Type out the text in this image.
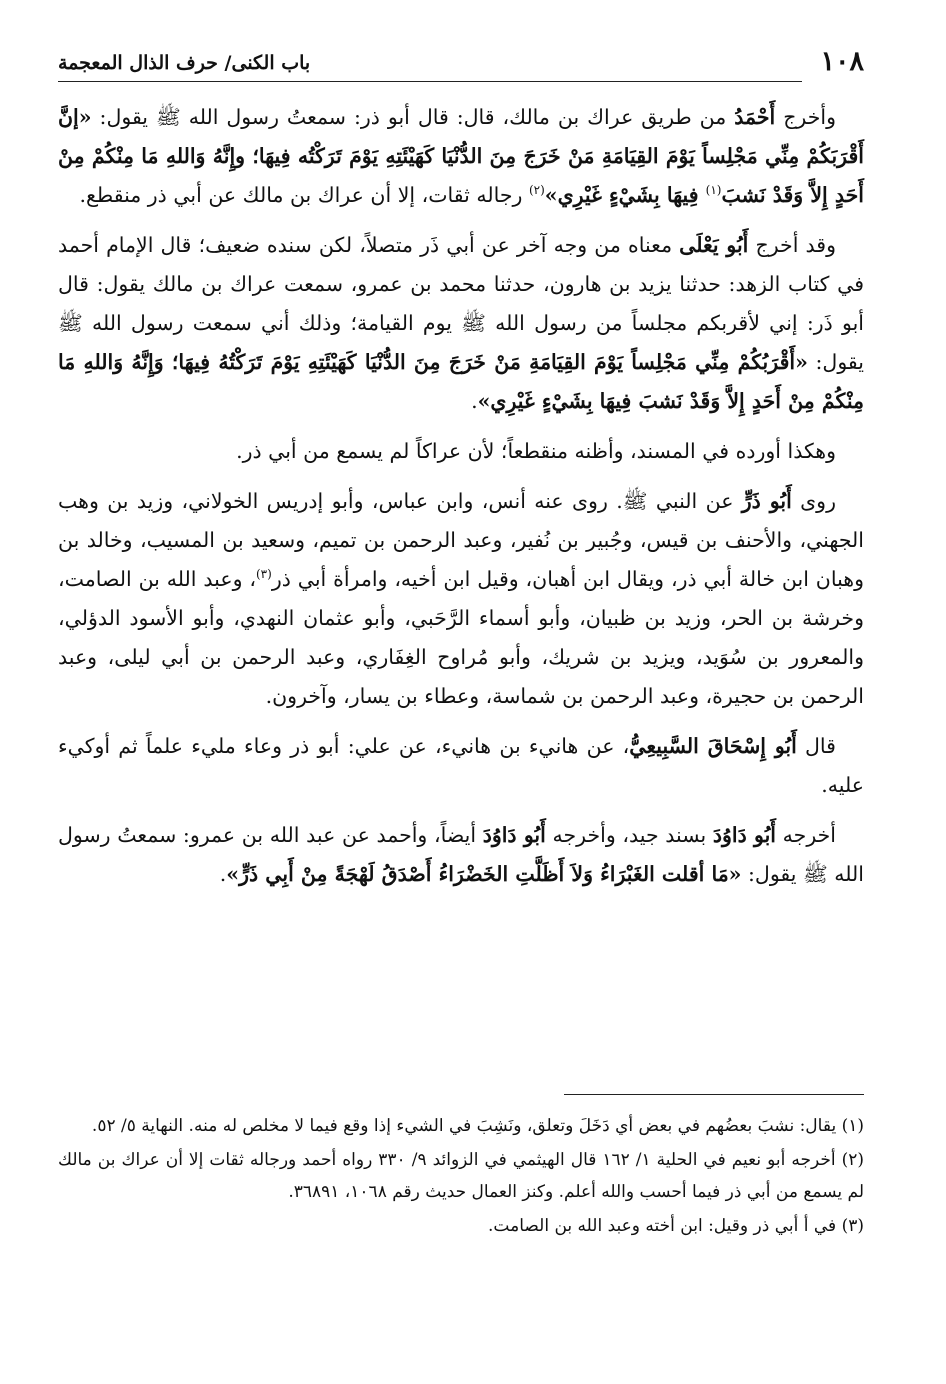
١٠٨
باب الكنى/ حرف الذال المعجمة

وأخرج أَحْمَدُ من طريق عراك بن مالك، قال: قال أبو ذر: سمعتُ رسول الله ﷺ يقول: «إنَّ أَقْرَبَكُمْ مِنِّي مَجْلِساً يَوْمَ القِيَامَةِ مَنْ خَرَجَ مِنَ الدُّنْيَا كَهَيْئَتِهِ يَوْمَ تَرَكْتُه فِيهَا؛ وإِنَّهُ وَاللهِ مَا مِنْكُمْ مِنْ أَحَدٍ إِلاَّ وَقَدْ نَشبَ$^{(١)}$ فِيهَا بِشَيْءٍ غَيْرِي»$^{(٢)}$ رجاله ثقات، إلا أن عراك بن مالك عن أبي ذر منقطع.

وقد أخرج أَبُو يَعْلَى معناه من وجه آخر عن أبي ذَر متصلاً، لكن سنده ضعيف؛ قال الإمام أحمد في كتاب الزهد: حدثنا يزيد بن هارون، حدثنا محمد بن عمرو، سمعت عراك بن مالك يقول: قال أبو ذَر: إني لأقربكم مجلساً من رسول الله ﷺ يوم القيامة؛ وذلك أني سمعت رسول الله ﷺ يقول: «أَقْرَبُكُمْ مِنِّي مَجْلِساً يَوْمَ القِيَامَةِ مَنْ خَرَجَ مِنَ الدُّنْيَا كَهَيْئَتِهِ يَوْمَ تَرَكْتُهُ فِيهَا؛ وَإِنَّهُ وَاللهِ مَا مِنْكُمْ مِنْ أَحَدٍ إِلاَّ وَقَدْ نَشبَ فِيهَا بِشَيْءٍ غَيْرِي».

وهكذا أورده في المسند، وأظنه منقطعاً؛ لأن عراكاً لم يسمع من أبي ذر.

روى أَبُو ذَرٍّ عن النبي ﷺ. روى عنه أنس، وابن عباس، وأبو إدريس الخولاني، وزيد بن وهب الجهني، والأحنف بن قيس، وجُبير بن نُفير، وعبد الرحمن بن تميم، وسعيد بن المسيب، وخالد بن وهبان ابن خالة أبي ذر، ويقال ابن أهبان، وقيل ابن أخيه، وامرأة أبي ذر$^{(٣)}$، وعبد الله بن الصامت، وخرشة بن الحر، وزيد بن ظبيان، وأبو أسماء الرَّحَبي، وأبو عثمان النهدي، وأبو الأسود الدؤلي، والمعرور بن سُوَيد، ويزيد بن شريك، وأبو مُراوح الغِفَاري، وعبد الرحمن بن أبي ليلى، وعبد الرحمن بن حجيرة، وعبد الرحمن بن شماسة، وعطاء بن يسار، وآخرون.

قال أَبُو إِسْحَاقَ السَّبِيعِيُّ، عن هانيء بن هانيء، عن علي: أبو ذر وعاء مليء علماً ثم أوكيء عليه.

أخرجه أَبُو دَاوُدَ بسند جيد، وأخرجه أَبُو دَاوُدَ أيضاً، وأحمد عن عبد الله بن عمرو: سمعتُ رسول الله ﷺ يقول: «مَا أقلت الغَبْرَاءُ وَلاَ أَظَلَّتِ الخَضْرَاءُ أَصْدَقُ لَهْجَةً مِنْ أَبِي ذَرٍّ».

(١) يقال: نشبَ بعضُهم في بعض أي دَخَلَ وتعلق، ونَشِبَ في الشيء إذا وقع فيما لا مخلص له منه. النهاية ٥/ ٥٢.

(٢) أخرجه أبو نعيم في الحلية ١/ ١٦٢ قال الهيثمي في الزوائد ٩/ ٣٣٠ رواه أحمد ورجاله ثقات إلا أن عراك بن مالك لم يسمع من أبي ذر فيما أحسب والله أعلم. وكنز العمال حديث رقم ١٠٦٨، ٣٦٨٩١.

(٣) في أ أبي ذر وقيل: ابن أخته وعبد الله بن الصامت.
